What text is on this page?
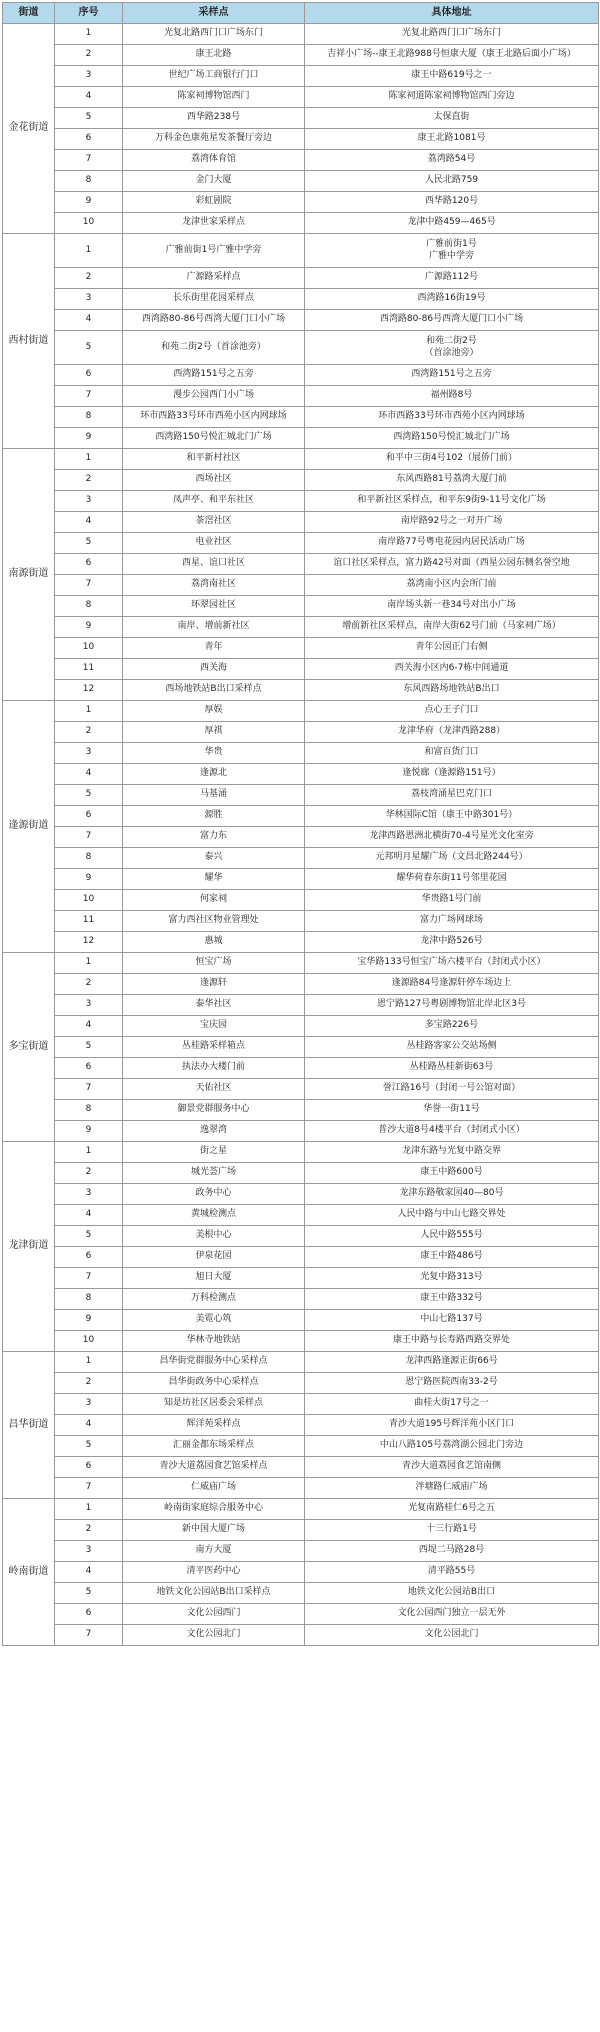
街道	序号	采样点	具体地址
金花街道	1	光复北路西门口广场东门	光复北路西门口广场东门

	2	康王北路	吉祥小广场--康王北路988号恒康大厦（康王北路后面小广场）

	3	世纪广场工商银行门口	康王中路619号之一

	4	陈家祠博物馆西门	陈家祠道陈家祠博物馆西门旁边

	5	西华路238号	太保直街

	6	万科金色康苑星发茶餐厅旁边	康王北路1081号

	7	荔湾体育馆	荔湾路54号

	8	金门大厦	人民北路759

	9	彩虹剧院	西华路120号

	10	龙津世家采样点	龙津中路459—465号

西村街道	1	广雅前街1号广雅中学旁	广雅前街1号
广雅中学旁

	2	广源路采样点	广源路112号

	3	长乐街里花园采样点	西湾路16街19号

	4	西湾路80-86号西湾大厦门口小广场	西湾路80-86号西湾大厦门口小广场

	5	和苑二街2号（首涂池旁）	和苑二街2号
（首涂池旁）

	6	西湾路151号之五旁	西湾路151号之五旁

	7	漫步公园西门小广场	福州路8号

	8	环市西路33号环市西苑小区内网球场	环市西路33号环市西苑小区内网球场

	9	西湾路150号悦汇城北门广场	西湾路150号悦汇城北门广场

南源街道	1	和平新村社区	和平中三街4号102（展侨门前）

	2	西场社区	东风西路81号荔湾大厦门前

	3	凤声亭、和平东社区	和平新社区采样点，和平东9街9-11号文化广场

	4	茶滘社区	南岸路92号之一对开广场

	5	电业社区	南岸路77号粤电花园内居民活动广场

	6	西星、谊口社区	谊口社区采样点，富力路42号对面（西星公园东侧名誉空地

	7	荔湾南社区	荔湾南小区内会所门前

	8	环翠园社区	南岸场头新一巷34号对出小广场

	9	南岸、增前新社区	增前新社区采样点，南岸大街62号门前（马家祠广场）

	10	青年	青年公园正门右侧

	11	西关海	西关海小区内6-7栋中间通道

	12	西场地铁站B出口采样点	东风西路场地铁站B出口

逢源街道	1	厚娱	点心王子门口

	2	厚祺	龙津华府（龙津西路288）

	3	华贵	和富百货门口

	4	逢源北	逢悦廊（逢源路151号）

	5	马基涌	荔枝湾涌星巴克门口

	6	源胜	华林国际C馆（康王中路301号）

	7	富力东	龙津西路恩洲北横街70-4号星光文化室旁

	8	泰兴	元邦明月星耀广场（文昌北路244号）

	9	耀华	耀华荷春东街11号邻里花园

	10	何家祠	华贵路1号门前

	11	富力西社区物业管理处	富力广场网球场

	12	惠城	龙津中路526号

多宝街道	1	恒宝广场	宝华路133号恒宝广场六楼平台（封闭式小区）

	2	逢源轩	逢源路84号逢源轩停车场边上

	3	泰华社区	恩宁路127号粤剧博物馆北岸北区3号

	4	宝庆园	多宝路226号

	5	丛桂路采样箱点	丛桂路客家公交站场侧

	6	执法办大楼门前	丛桂路丛桂新街63号

	7	天佑社区	誉江路16号（封闭一号公馆对面）

	8	御景党群服务中心	华誉一街11号

	9	逸翠湾	普沙大道8号4楼平台（封闭式小区）

龙津街道	1	街之星	龙津东路与光复中路交界

	2	城光荟广场	康王中路600号

	3	政务中心	龙津东路敬家园40—80号

	4	黄城检测点	人民中路与中山七路交界处

	5	美根中心	人民中路555号

	6	伊泉花园	康王中路486号

	7	旭日大厦	光复中路313号

	8	万科检测点	康王中路332号

	9	美霓心筑	中山七路137号

	10	华林寺地铁站	康王中路与长寿路西路交界处

昌华街道	1	昌华街党群服务中心采样点	龙津西路逢源正街66号

	2	昌华街政务中心采样点	恩宁路医院西南33-2号

	3	知是坊社区居委会采样点	曲桂大街17号之一

	4	辉洋苑采样点	青沙大道195号辉洋苑小区门口

	5	汇丽金都东场采样点	中山八路105号荔湾湖公园北门旁边

	6	青沙大道荔园食艺馆采样点	青沙大道荔园食艺馆南侧

	7	仁威庙广场	泮塘路仁威庙广场

岭南街道	1	岭南街家庭综合服务中心	光复南路桂仁6号之五

	2	新中国大厦广场	十三行路1号

	3	南方大厦	西堤二马路28号

	4	清平医药中心	清平路55号

	5	地铁文化公园站B出口采样点	地铁文化公园站B出口

	6	文化公园西门	文化公园西门独立一层无外

	7	文化公园北门	文化公园北门
